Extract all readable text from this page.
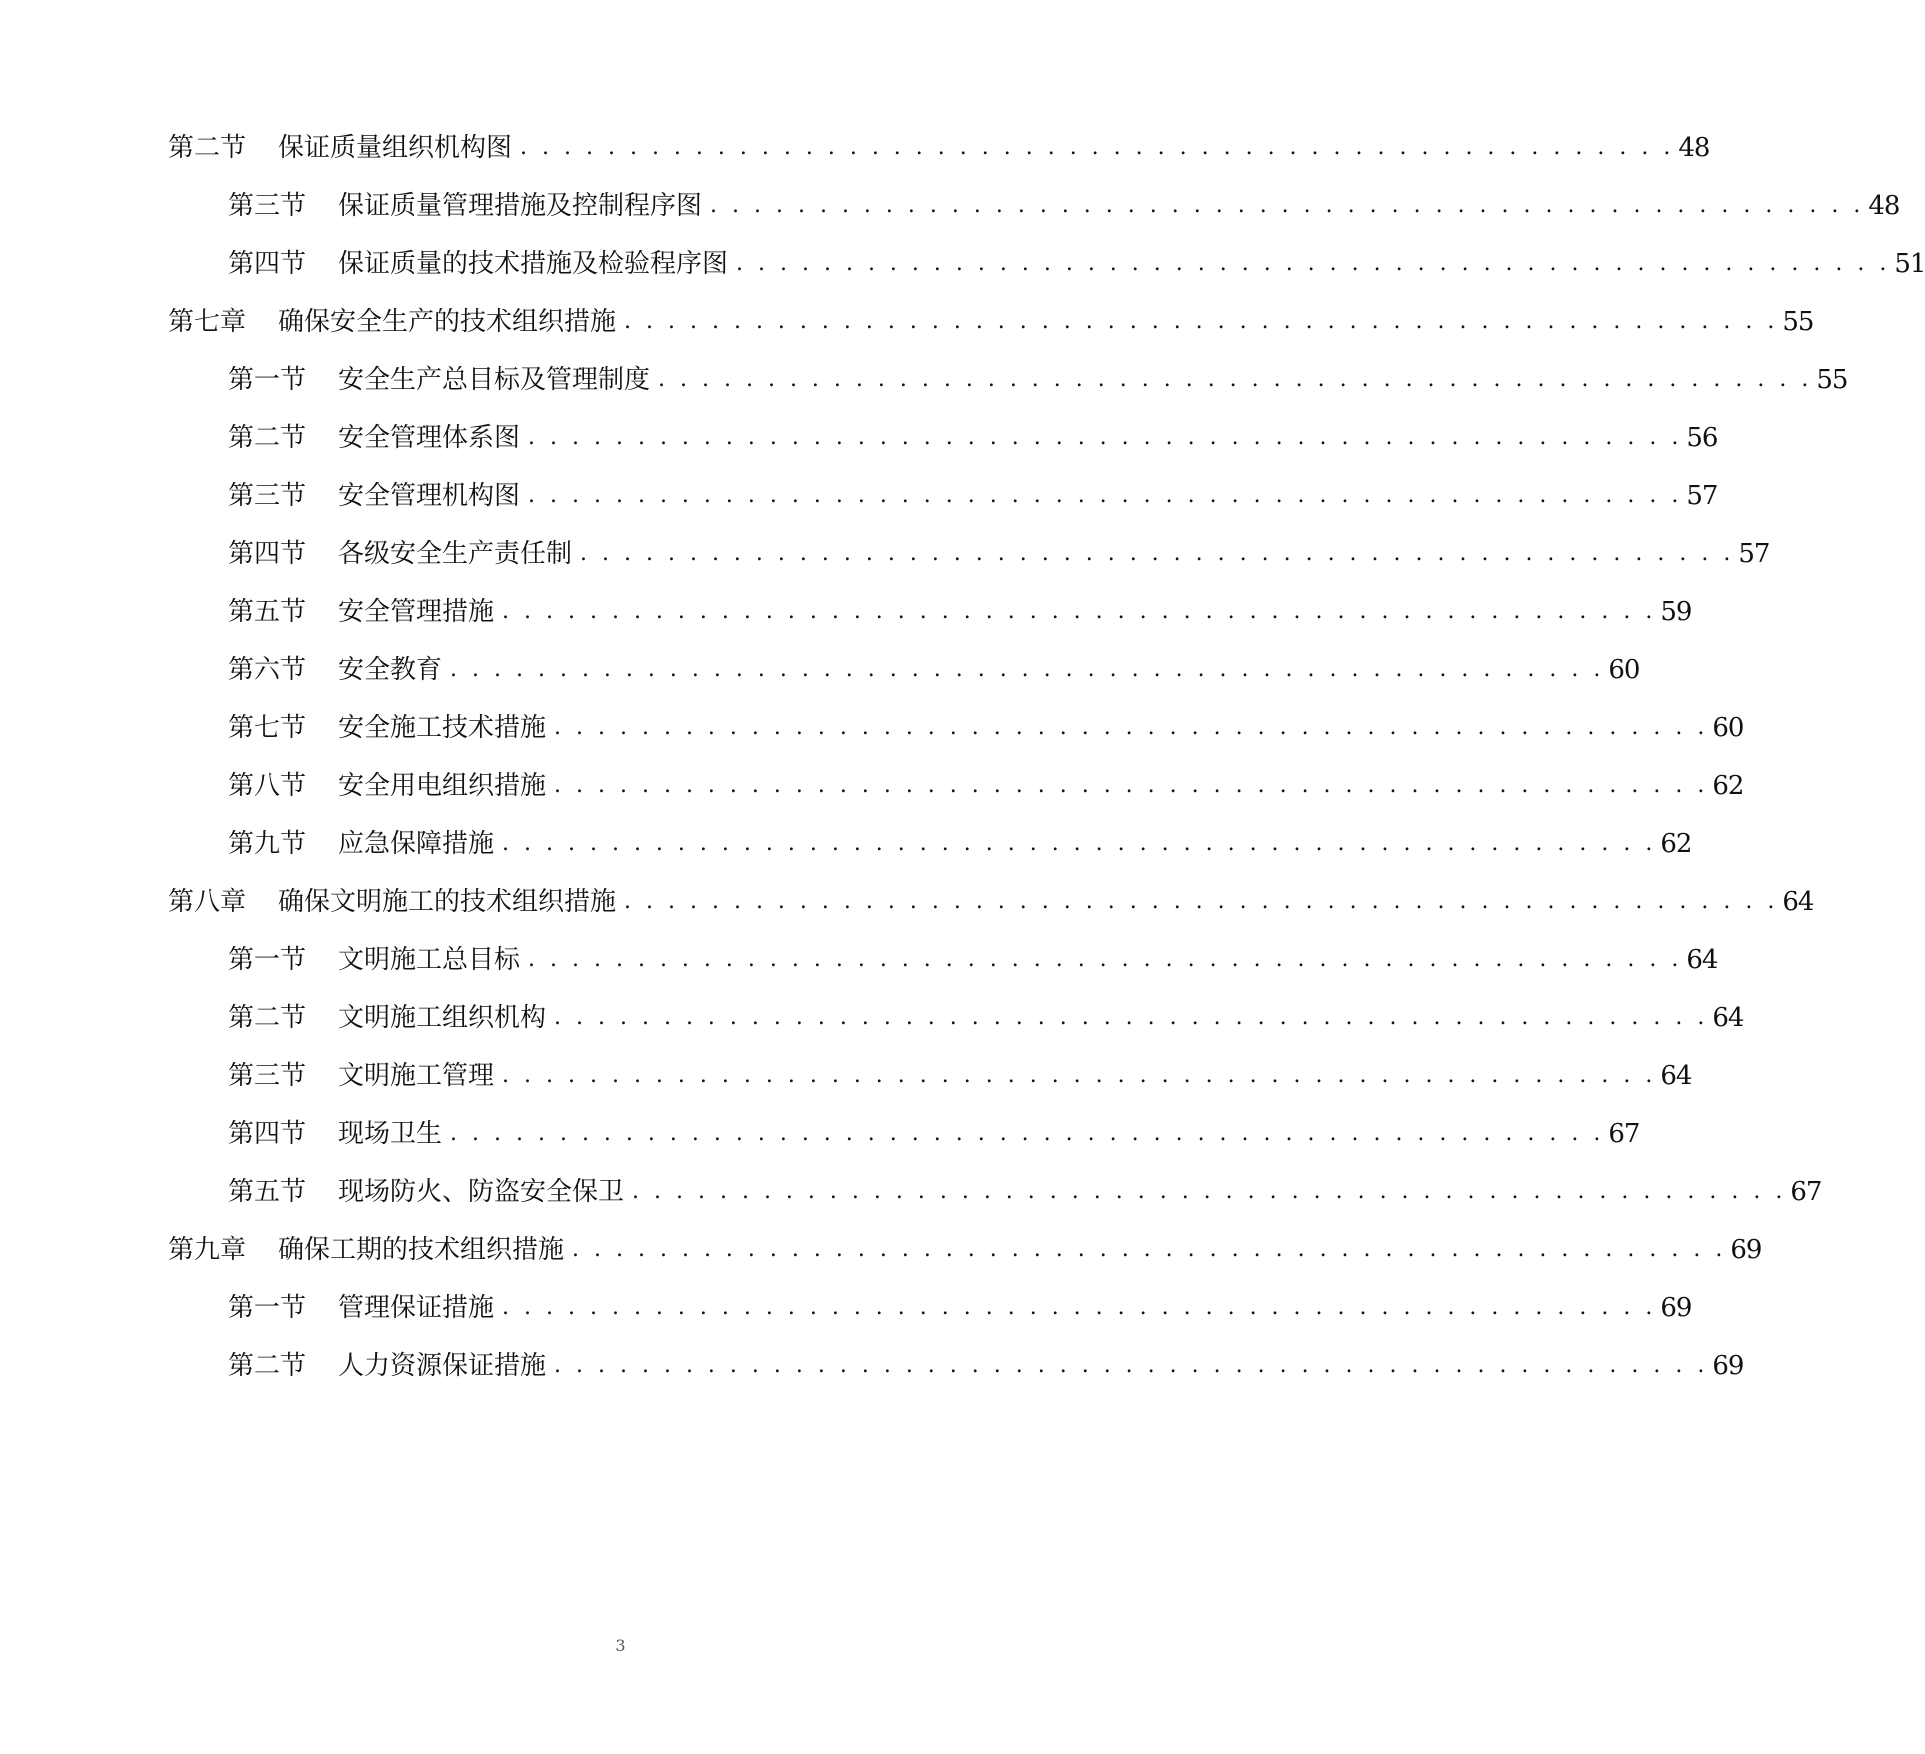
第二节 保证质量组织机构图 . . . . . . . . . . . . . . . . . . . . . . . . . . . . . . . . . . . . . . . . . . . . . . . . . . . . . 48
第三节 保证质量管理措施及控制程序图 . . . . . . . . . . . . . . . . . . . . . . . . . . . . . . . . . . . . . . . . . . . . . . . . . . . . . 48
第四节 保证质量的技术措施及检验程序图 . . . . . . . . . . . . . . . . . . . . . . . . . . . . . . . . . . . . . . . . . . . . . . . . . . . . . 51
第七章 确保安全生产的技术组织措施 . . . . . . . . . . . . . . . . . . . . . . . . . . . . . . . . . . . . . . . . . . . . . . . . . . . . . 55
第一节 安全生产总目标及管理制度 . . . . . . . . . . . . . . . . . . . . . . . . . . . . . . . . . . . . . . . . . . . . . . . . . . . . . 55
第二节 安全管理体系图 . . . . . . . . . . . . . . . . . . . . . . . . . . . . . . . . . . . . . . . . . . . . . . . . . . . . . 56
第三节 安全管理机构图 . . . . . . . . . . . . . . . . . . . . . . . . . . . . . . . . . . . . . . . . . . . . . . . . . . . . . 57
第四节 各级安全生产责任制 . . . . . . . . . . . . . . . . . . . . . . . . . . . . . . . . . . . . . . . . . . . . . . . . . . . . . 57
第五节 安全管理措施 . . . . . . . . . . . . . . . . . . . . . . . . . . . . . . . . . . . . . . . . . . . . . . . . . . . . . 59
第六节 安全教育 . . . . . . . . . . . . . . . . . . . . . . . . . . . . . . . . . . . . . . . . . . . . . . . . . . . . . 60
第七节 安全施工技术措施 . . . . . . . . . . . . . . . . . . . . . . . . . . . . . . . . . . . . . . . . . . . . . . . . . . . . . 60
第八节 安全用电组织措施 . . . . . . . . . . . . . . . . . . . . . . . . . . . . . . . . . . . . . . . . . . . . . . . . . . . . . 62
第九节 应急保障措施 . . . . . . . . . . . . . . . . . . . . . . . . . . . . . . . . . . . . . . . . . . . . . . . . . . . . . 62
第八章 确保文明施工的技术组织措施 . . . . . . . . . . . . . . . . . . . . . . . . . . . . . . . . . . . . . . . . . . . . . . . . . . . . . 64
第一节 文明施工总目标 . . . . . . . . . . . . . . . . . . . . . . . . . . . . . . . . . . . . . . . . . . . . . . . . . . . . . 64
第二节 文明施工组织机构 . . . . . . . . . . . . . . . . . . . . . . . . . . . . . . . . . . . . . . . . . . . . . . . . . . . . . 64
第三节 文明施工管理 . . . . . . . . . . . . . . . . . . . . . . . . . . . . . . . . . . . . . . . . . . . . . . . . . . . . . 64
第四节 现场卫生 . . . . . . . . . . . . . . . . . . . . . . . . . . . . . . . . . . . . . . . . . . . . . . . . . . . . . 67
第五节 现场防火、防盗安全保卫 . . . . . . . . . . . . . . . . . . . . . . . . . . . . . . . . . . . . . . . . . . . . . . . . . . . . . 67
第九章 确保工期的技术组织措施 . . . . . . . . . . . . . . . . . . . . . . . . . . . . . . . . . . . . . . . . . . . . . . . . . . . . . 69
第一节 管理保证措施 . . . . . . . . . . . . . . . . . . . . . . . . . . . . . . . . . . . . . . . . . . . . . . . . . . . . . 69
第二节 人力资源保证措施 . . . . . . . . . . . . . . . . . . . . . . . . . . . . . . . . . . . . . . . . . . . . . . . . . . . . . 69
3
